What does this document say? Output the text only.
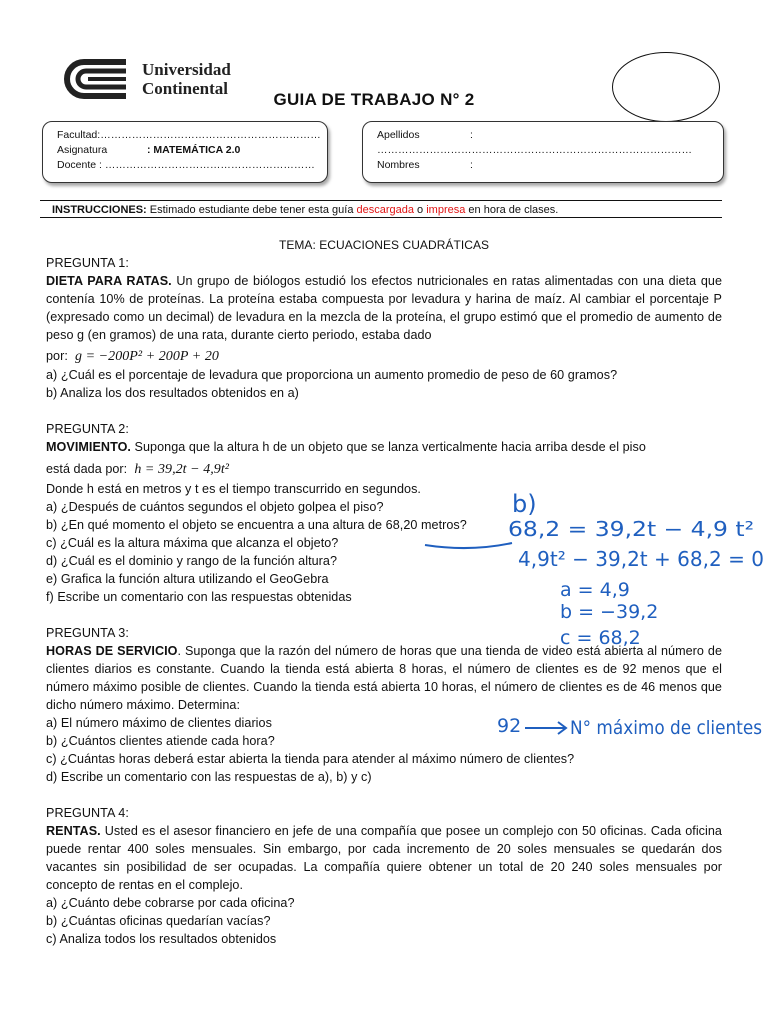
Universidad
Continental
GUIA DE TRABAJO N° 2
Facultad:………………………………………………………
Asignatura	: MATEMÁTICA 2.0
Docente : ……………………………………………………
Apellidos	:
………………………………………………………………………………
Nombres	:
INSTRUCCIONES: Estimado estudiante debe tener esta guía descargada o impresa en hora de clases.

TEMA: ECUACIONES CUADRÁTICAS

PREGUNTA 1:

DIETA PARA RATAS. Un grupo de biólogos estudió los efectos nutricionales en ratas alimentadas con una dieta que contenía 10% de proteínas. La proteína estaba compuesta por levadura y harina de maíz. Al cambiar el porcentaje P (expresado como un decimal) de levadura en la mezcla de la proteína, el grupo estimó que el promedio de aumento de peso g (en gramos) de una rata, durante cierto periodo, estaba dado

por: g = −200P² + 200P + 20

a) ¿Cuál es el porcentaje de levadura que proporciona un aumento promedio de peso de 60 gramos?

b) Analiza los dos resultados obtenidos en a)

PREGUNTA 2:

MOVIMIENTO. Suponga que la altura h de un objeto que se lanza verticalmente hacia arriba desde el piso

está dada por: h = 39,2t − 4,9t²

Donde h está en metros y t es el tiempo transcurrido en segundos.

a) ¿Después de cuántos segundos el objeto golpea el piso?

b) ¿En qué momento el objeto se encuentra a una altura de 68,20 metros?

c) ¿Cuál es la altura máxima que alcanza el objeto?

d) ¿Cuál es el dominio y rango de la función altura?

e) Grafica la función altura utilizando el GeoGebra

f) Escribe un comentario con las respuestas obtenidas

PREGUNTA 3:

HORAS DE SERVICIO. Suponga que la razón del número de horas que una tienda de video está abierta al número de clientes diarios es constante. Cuando la tienda está abierta 8 horas, el número de clientes es de 92 menos que el número máximo posible de clientes. Cuando la tienda está abierta 10 horas, el número de clientes es de 46 menos que dicho número máximo. Determina:

a) El número máximo de clientes diarios

b) ¿Cuántos clientes atiende cada hora?

c) ¿Cuántas horas deberá estar abierta la tienda para atender al máximo número de clientes?

d) Escribe un comentario con las respuestas de a), b) y c)

PREGUNTA 4:

RENTAS. Usted es el asesor financiero en jefe de una compañía que posee un complejo con 50 oficinas. Cada oficina puede rentar 400 soles mensuales. Sin embargo, por cada incremento de 20 soles mensuales se quedarán dos vacantes sin posibilidad de ser ocupadas. La compañía quiere obtener un total de 20 240 soles mensuales por concepto de rentas en el complejo.

a) ¿Cuánto debe cobrarse por cada oficina?

b) ¿Cuántas oficinas quedarían vacías?

c) Analiza todos los resultados obtenidos

b)
68,2 = 39,2t − 4,9 t²
4,9t² − 39,2t + 68,2 = 0
a = 4,9
b = −39,2
c = 68,2
92	N° máximo de clientes
